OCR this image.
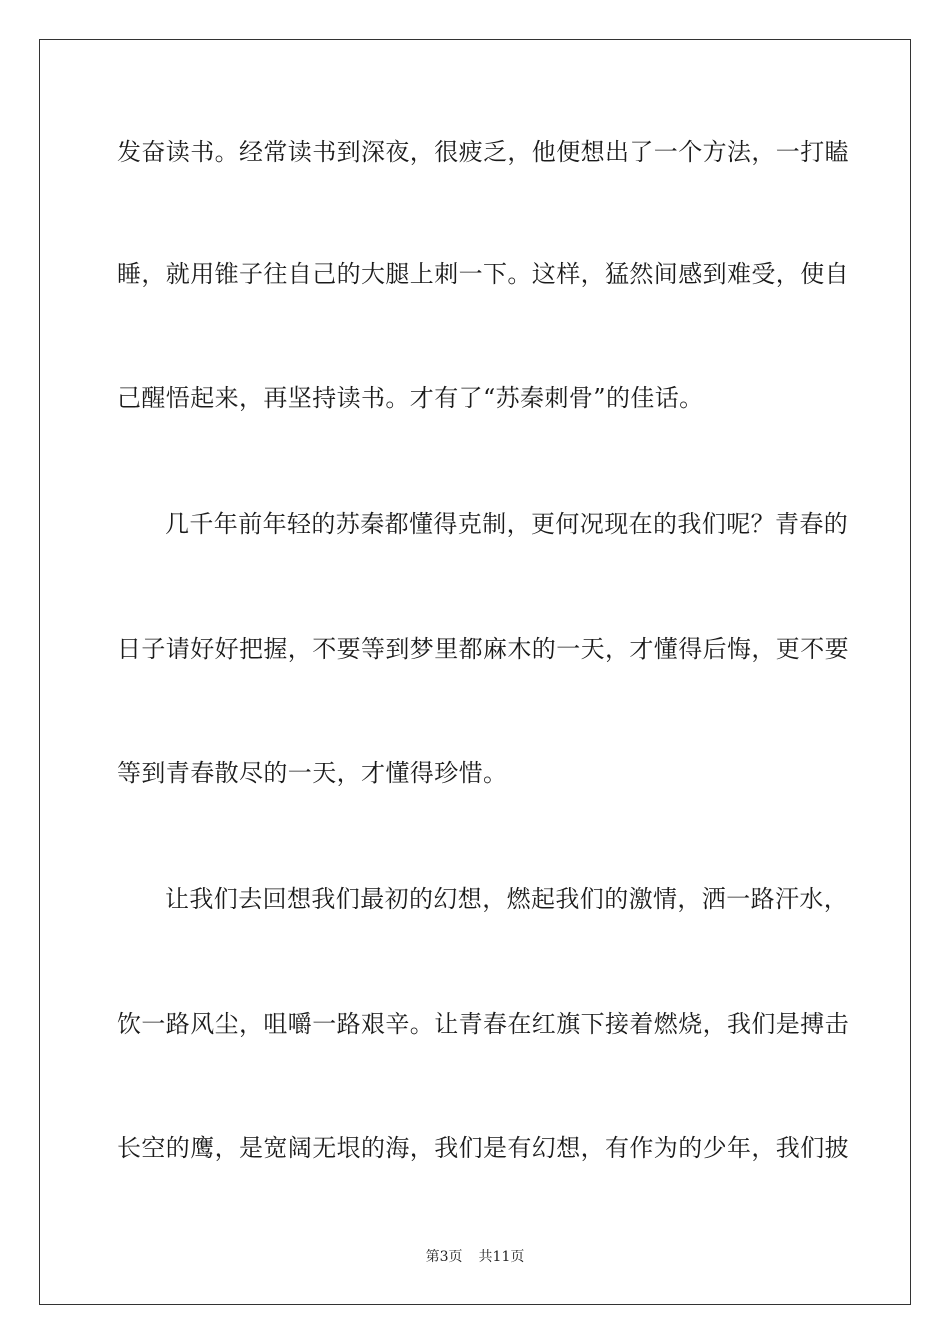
发奋读书。经常读书到深夜，很疲乏，他便想出了一个方法，一打瞌
睡，就用锥子往自己的大腿上刺一下。这样，猛然间感到难受，使自
己醒悟起来，再坚持读书。才有了“苏秦刺骨”的佳话。
几千年前年轻的苏秦都懂得克制，更何况现在的我们呢？青春的
日子请好好把握，不要等到梦里都麻木的一天，才懂得后悔，更不要
等到青春散尽的一天，才懂得珍惜。
让我们去回想我们最初的幻想，燃起我们的激情，洒一路汗水，
饮一路风尘，咀嚼一路艰辛。让青春在红旗下接着燃烧，我们是搏击
长空的鹰，是宽阔无垠的海，我们是有幻想，有作为的少年，我们披
第3页 共11页
